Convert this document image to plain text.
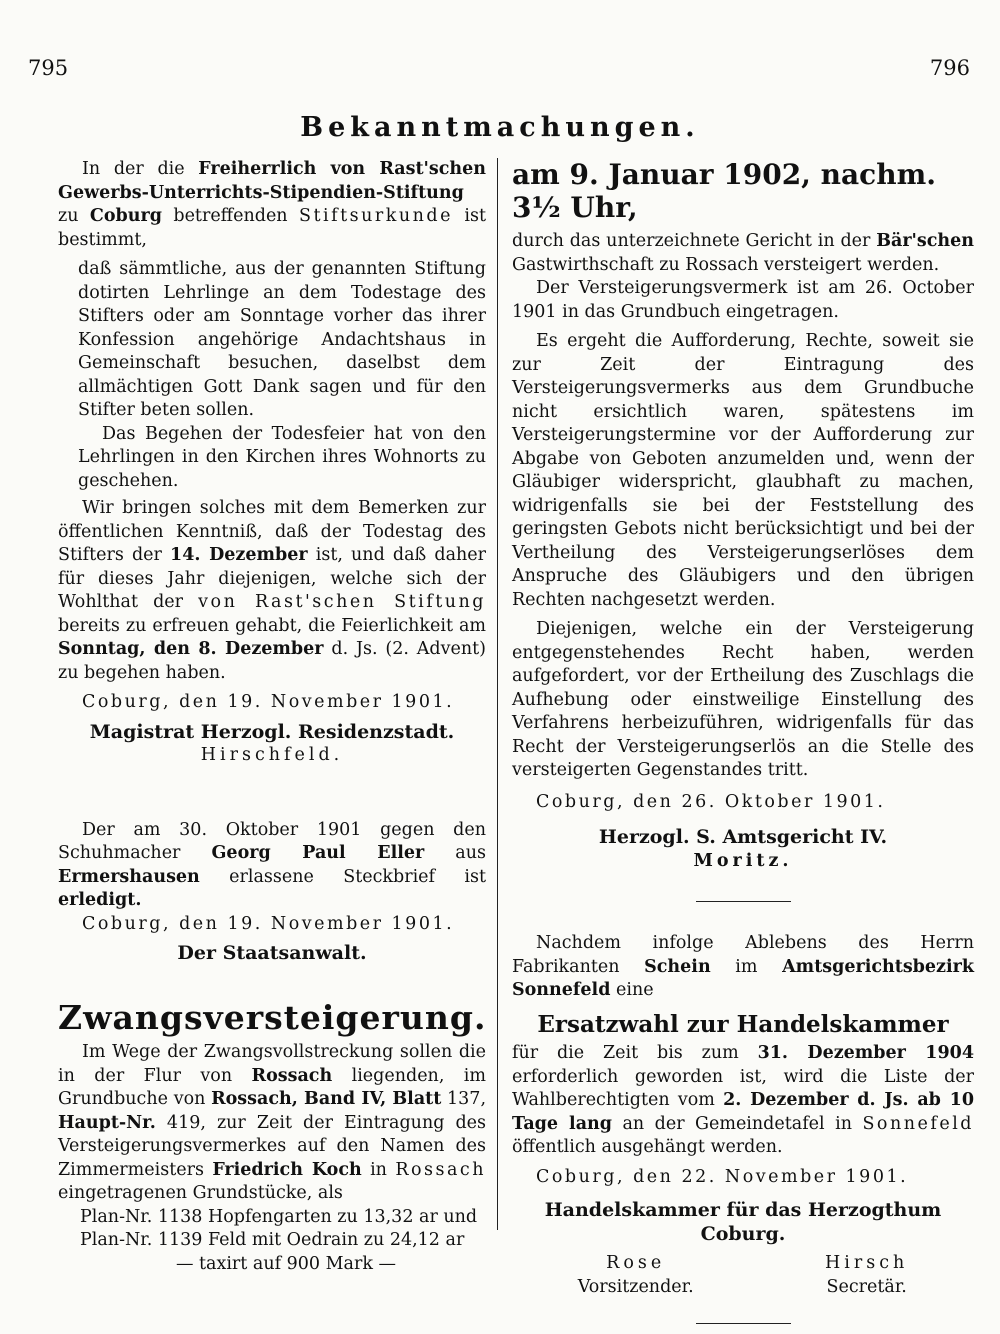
795	796
Bekanntmachungen.

In der die Freiherrlich von Rast'schen Gewerbs-Unterrichts-Stipendien-Stiftung zu Coburg betreffenden Stiftsurkunde ist bestimmt,

daß sämmtliche, aus der genannten Stiftung dotirten Lehrlinge an dem Todestage des Stifters oder am Sonntage vorher das ihrer Konfession angehörige Andachtshaus in Gemeinschaft besuchen, daselbst dem allmächtigen Gott Dank sagen und für den Stifter beten sollen.

Das Begehen der Todesfeier hat von den Lehrlingen in den Kirchen ihres Wohnorts zu geschehen.

Wir bringen solches mit dem Bemerken zur öffentlichen Kenntniß, daß der Todestag des Stifters der 14. Dezember ist, und daß daher für dieses Jahr diejenigen, welche sich der Wohlthat der von Rast'schen Stiftung bereits zu erfreuen gehabt, die Feierlichkeit am Sonntag, den 8. Dezember d. Js. (2. Advent) zu begehen haben.

Coburg, den 19. November 1901.

Magistrat Herzogl. Residenzstadt.
Hirschfeld.

Der am 30. Oktober 1901 gegen den Schuhmacher Georg Paul Eller aus Ermershausen erlassene Steckbrief ist erledigt.

Coburg, den 19. November 1901.

Der Staatsanwalt.
Zwangsversteigerung.

Im Wege der Zwangsvollstreckung sollen die in der Flur von Rossach liegenden, im Grundbuche von Rossach, Band IV, Blatt 137, Haupt-Nr. 419, zur Zeit der Eintragung des Versteigerungsvermerkes auf den Namen des Zimmermeisters Friedrich Koch in Rossach eingetragenen Grundstücke, als

Plan-Nr. 1138 Hopfengarten zu 13,32 ar und

Plan-Nr. 1139 Feld mit Oedrain zu 24,12 ar

— taxirt auf 900 Mark —

am 9. Januar 1902, nachm. 3½ Uhr,

durch das unterzeichnete Gericht in der Bär'schen Gastwirthschaft zu Rossach versteigert werden.

Der Versteigerungsvermerk ist am 26. October 1901 in das Grundbuch eingetragen.

Es ergeht die Aufforderung, Rechte, soweit sie zur Zeit der Eintragung des Versteigerungsvermerks aus dem Grundbuche nicht ersichtlich waren, spätestens im Versteigerungstermine vor der Aufforderung zur Abgabe von Geboten anzumelden und, wenn der Gläubiger widerspricht, glaubhaft zu machen, widrigenfalls sie bei der Feststellung des geringsten Gebots nicht berücksichtigt und bei der Vertheilung des Versteigerungserlöses dem Anspruche des Gläubigers und den übrigen Rechten nachgesetzt werden.

Diejenigen, welche ein der Versteigerung entgegenstehendes Recht haben, werden aufgefordert, vor der Ertheilung des Zuschlags die Aufhebung oder einstweilige Einstellung des Verfahrens herbeizuführen, widrigenfalls für das Recht der Versteigerungserlös an die Stelle des versteigerten Gegenstandes tritt.

Coburg, den 26. Oktober 1901.

Herzogl. S. Amtsgericht IV.
Moritz.

Nachdem infolge Ablebens des Herrn Fabrikanten Schein im Amtsgerichtsbezirk Sonnefeld eine

Ersatzwahl zur Handelskammer

für die Zeit bis zum 31. Dezember 1904 erforderlich geworden ist, wird die Liste der Wahlberechtigten vom 2. Dezember d. Js. ab 10 Tage lang an der Gemeindetafel in Sonnefeld öffentlich ausgehängt werden.

Coburg, den 22. November 1901.

Handelskammer für das Herzogthum Coburg.
Rose
Vorsitzender.
Hirsch
Secretär.
